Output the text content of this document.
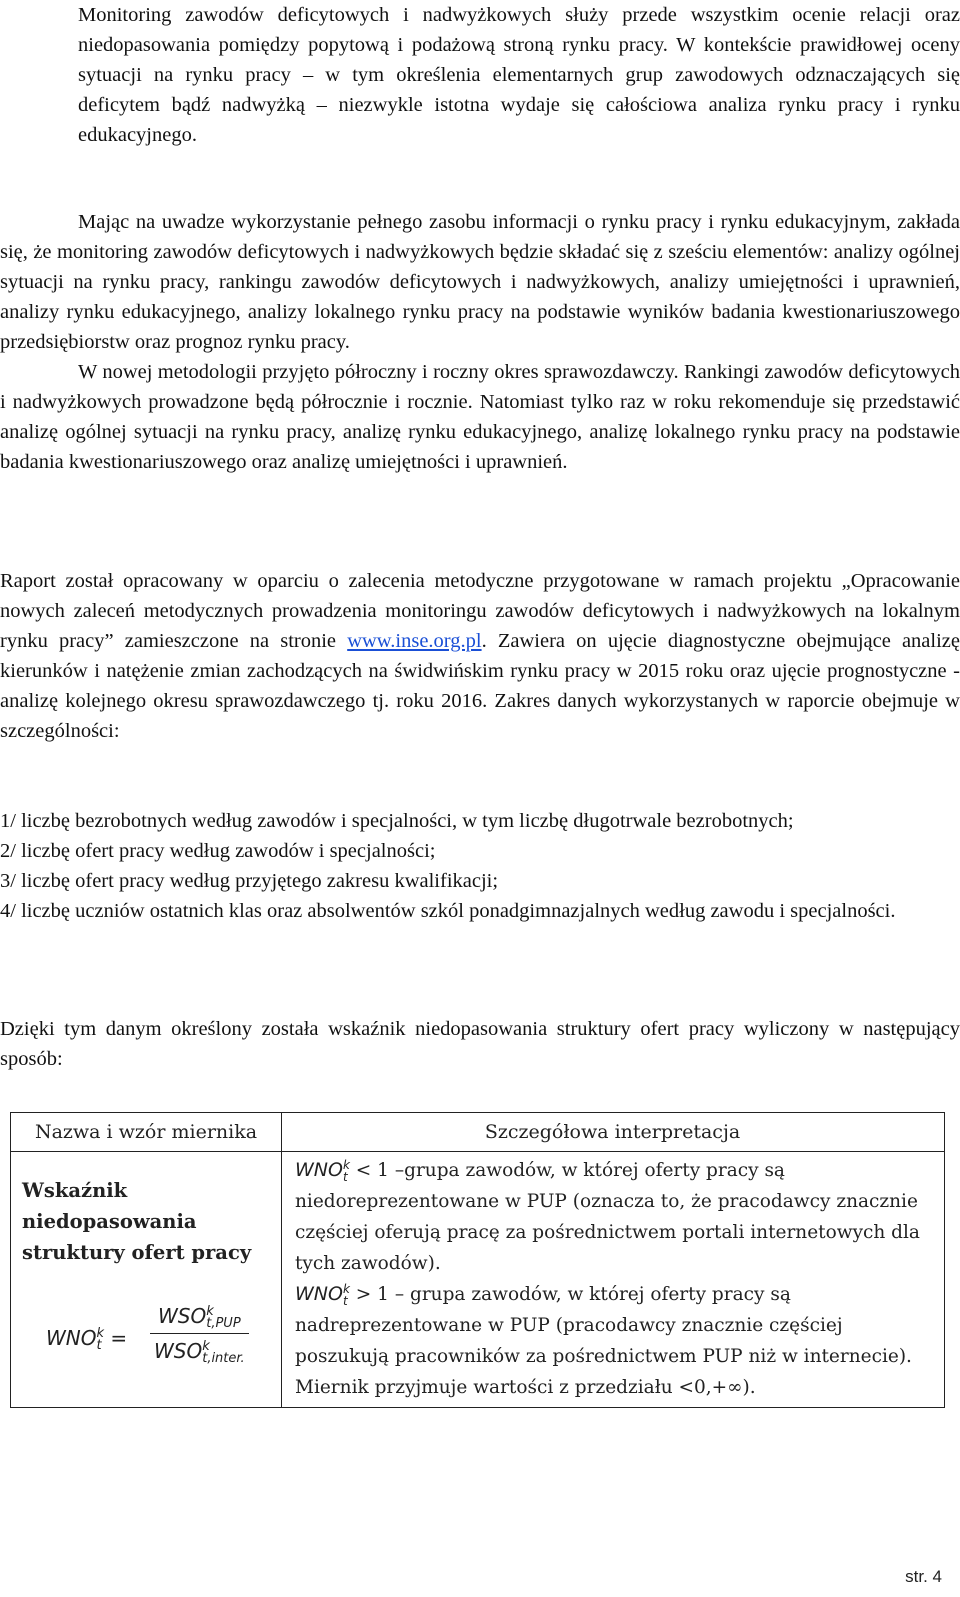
Monitoring zawodów deficytowych i nadwyżkowych służy przede wszystkim ocenie relacji oraz niedopasowania pomiędzy popytową i podażową stroną rynku pracy. W kontekście prawidłowej oceny sytuacji na rynku pracy – w tym określenia elementarnych grup zawodowych odznaczających się deficytem bądź nadwyżką – niezwykle istotna wydaje się całościowa analiza rynku pracy i rynku edukacyjnego.

Mając na uwadze wykorzystanie pełnego zasobu informacji o rynku pracy i rynku edukacyjnym, zakłada się, że monitoring zawodów deficytowych i nadwyżkowych będzie składać się z sześciu elementów: analizy ogólnej sytuacji na rynku pracy, rankingu zawodów deficytowych i nadwyżkowych, analizy umiejętności i uprawnień, analizy rynku edukacyjnego, analizy lokalnego rynku pracy na podstawie wyników badania kwestionariuszowego przedsiębiorstw oraz prognoz rynku pracy.

W nowej metodologii przyjęto półroczny i roczny okres sprawozdawczy. Rankingi zawodów deficytowych i nadwyżkowych prowadzone będą półrocznie i rocznie. Natomiast tylko raz w roku rekomenduje się przedstawić analizę ogólnej sytuacji na rynku pracy, analizę rynku edukacyjnego, analizę lokalnego rynku pracy na podstawie badania kwestionariuszowego oraz analizę umiejętności i uprawnień.

Raport został opracowany w oparciu o zalecenia metodyczne przygotowane w ramach projektu „Opracowanie nowych zaleceń metodycznych prowadzenia monitoringu zawodów deficytowych i nadwyżkowych na lokalnym rynku pracy” zamieszczone na stronie www.inse.org.pl. Zawiera on ujęcie diagnostyczne obejmujące analizę kierunków i natężenie zmian zachodzących na świdwińskim rynku pracy w 2015 roku oraz ujęcie prognostyczne - analizę kolejnego okresu sprawozdawczego tj. roku 2016. Zakres danych wykorzystanych w raporcie obejmuje w szczególności:

1/ liczbę bezrobotnych według zawodów i specjalności, w tym liczbę długotrwale bezrobotnych;
2/ liczbę ofert pracy według zawodów i specjalności;
3/ liczbę ofert pracy według przyjętego zakresu kwalifikacji;
4/ liczbę uczniów ostatnich klas oraz absolwentów szkól ponadgimnazjalnych według zawodu i specjalności.

Dzięki tym danym określony została wskaźnik niedopasowania struktury ofert pracy wyliczony w następujący sposób:

Nazwa i wzór miernika	Szczegółowa interpretacja
Wskaźnik
niedopasowania
struktury ofert pracy
WNO k
t =
WSO k
t,PUP
WSO k
t,inter.
WNO k
t < 1 –grupa zawodów, w której oferty pracy są niedoreprezentowane w PUP (oznacza to, że pracodawcy znacznie częściej oferują pracę za pośrednictwem portali internetowych dla tych zawodów).
WNO k
t > 1 – grupa zawodów, w której oferty pracy są nadreprezentowane w PUP (pracodawcy znacznie częściej poszukują pracowników za pośrednictwem PUP niż w internecie).
Miernik przyjmuje wartości z przedziału <0,+∞).
str. 4
